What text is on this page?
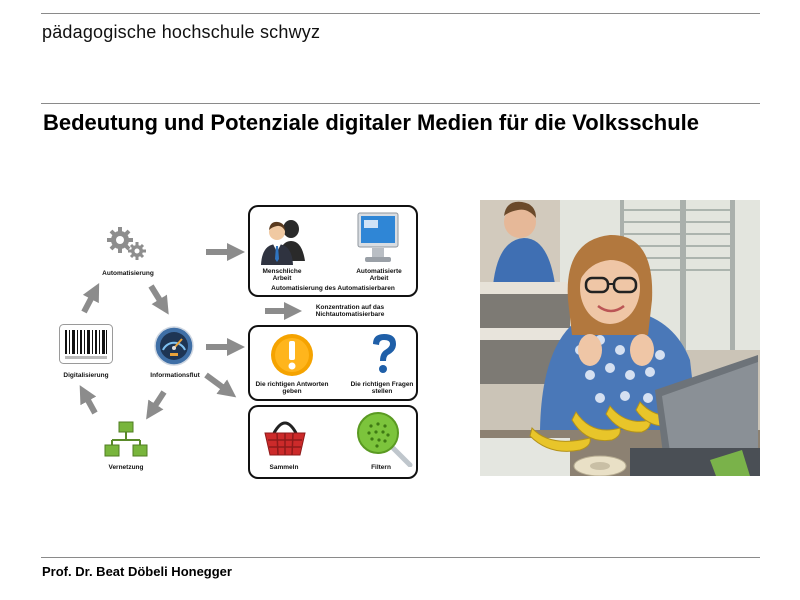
pädagogische hochschule schwyz
Bedeutung und Potenziale digitaler Medien für die Volksschule
Automatisierung
Digitalisierung	Informationsflut
Vernetzung
Menschliche Arbeit
Automatisierte Arbeit
Automatisierung des Automatisierbaren
Konzentration auf das Nichtautomatisierbare
Die richtigen Antworten geben
Die richtigen Fragen stellen
Sammeln	Filtern
Prof. Dr. Beat Döbeli Honegger
